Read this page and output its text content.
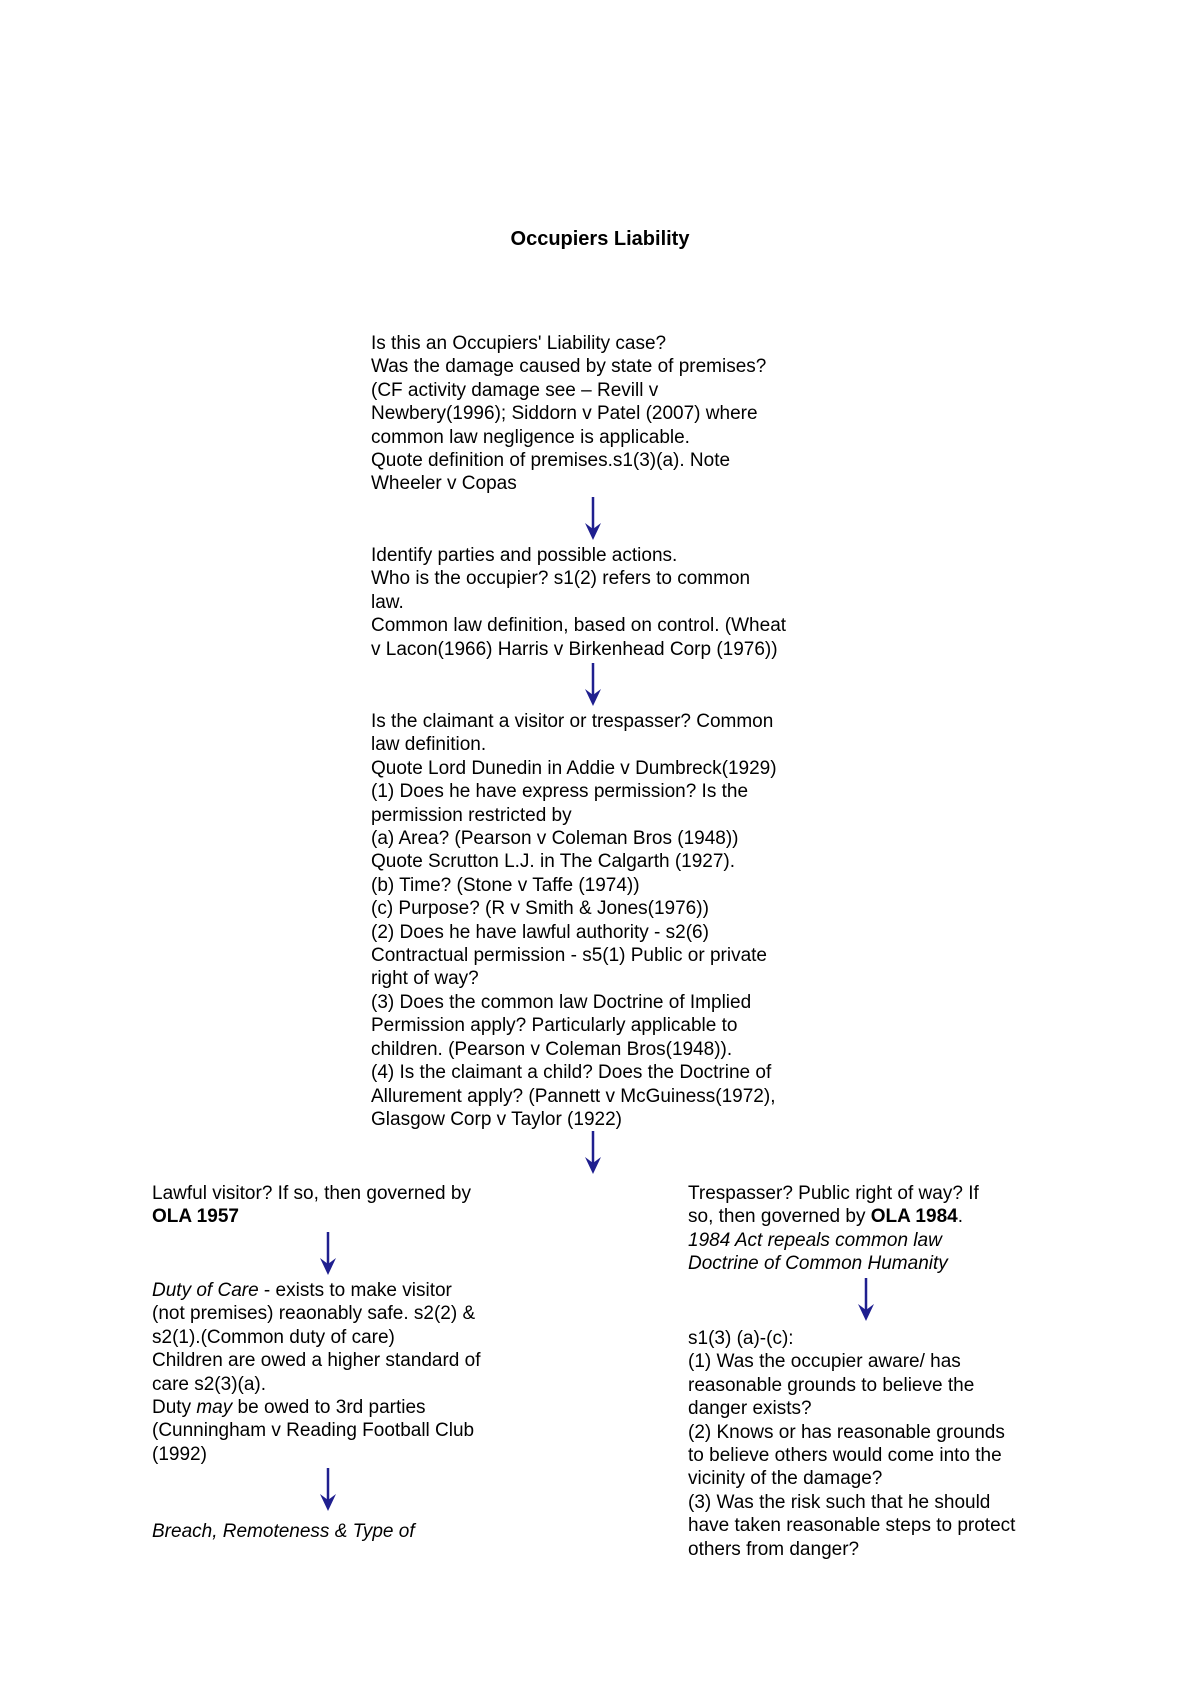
Occupiers Liability
Is this an Occupiers' Liability case?
Was the damage caused by state of premises?
(CF activity damage see – Revill v
Newbery(1996); Siddorn v Patel (2007) where
common law negligence is applicable.
Quote definition of premises.s1(3)(a). Note
Wheeler v Copas
Identify parties and possible actions.
Who is the occupier? s1(2) refers to common
law.
Common law definition, based on control. (Wheat
v Lacon(1966) Harris v Birkenhead Corp (1976))
Is the claimant a visitor or trespasser? Common
law definition.
Quote Lord Dunedin in Addie v Dumbreck(1929)
(1) Does he have express permission? Is the
permission restricted by
(a) Area? (Pearson v Coleman Bros (1948))
Quote Scrutton L.J. in The Calgarth (1927).
(b) Time? (Stone v Taffe (1974))
(c) Purpose? (R v Smith & Jones(1976))
(2) Does he have lawful authority - s2(6)
Contractual permission - s5(1) Public or private
right of way?
(3) Does the common law Doctrine of Implied
Permission apply? Particularly applicable to
children. (Pearson v Coleman Bros(1948)).
(4) Is the claimant a child? Does the Doctrine of
Allurement apply? (Pannett v McGuiness(1972),
Glasgow Corp v Taylor (1922)
Lawful visitor? If so, then governed by
OLA 1957
Duty of Care - exists to make visitor
(not premises) reaonably safe. s2(2) &
s2(1).(Common duty of care)
Children are owed a higher standard of
care s2(3)(a).
Duty may be owed to 3rd parties
(Cunningham v Reading Football Club
(1992)
Breach, Remoteness & Type of
Trespasser? Public right of way? If
so, then governed by OLA 1984.
1984 Act repeals common law
Doctrine of Common Humanity
s1(3) (a)-(c):
(1) Was the occupier aware/ has
reasonable grounds to believe the
danger exists?
(2) Knows or has reasonable grounds
to believe others would come into the
vicinity of the damage?
(3) Was the risk such that he should
have taken reasonable steps to protect
others from danger?
